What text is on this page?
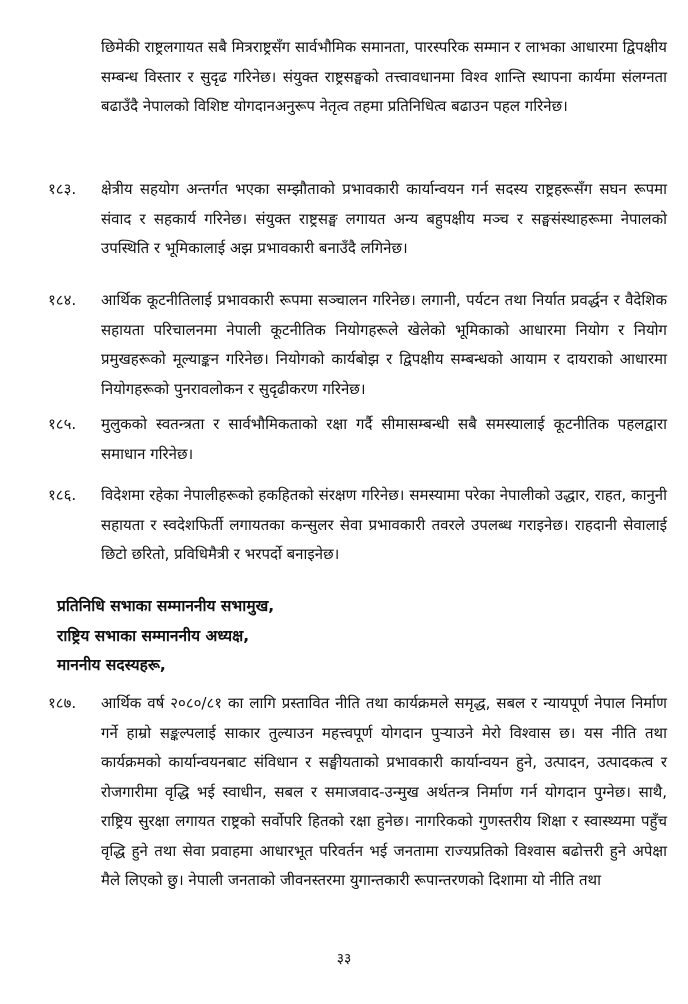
छिमेकी राष्ट्रलगायत सबै मित्रराष्ट्रसँग सार्वभौमिक समानता, पारस्परिक सम्मान र लाभका आधारमा द्विपक्षीय सम्बन्ध विस्तार र सुदृढ गरिनेछ। संयुक्त राष्ट्रसङ्घको तत्त्वावधानमा विश्व शान्ति स्थापना कार्यमा संलग्नता बढाउँदै नेपालको विशिष्ट योगदानअनुरूप नेतृत्व तहमा प्रतिनिधित्व बढाउन पहल गरिनेछ।
१८३. क्षेत्रीय सहयोग अन्तर्गत भएका सम्झौताको प्रभावकारी कार्यान्वयन गर्न सदस्य राष्ट्रहरूसँग सघन रूपमा संवाद र सहकार्य गरिनेछ। संयुक्त राष्ट्रसङ्घ लगायत अन्य बहुपक्षीय मञ्च र सङ्घसंस्थाहरूमा नेपालको उपस्थिति र भूमिकालाई अझ प्रभावकारी बनाउँदै लगिनेछ।
१८४. आर्थिक कूटनीतिलाई प्रभावकारी रूपमा सञ्चालन गरिनेछ। लगानी, पर्यटन तथा निर्यात प्रवर्द्धन र वैदेशिक सहायता परिचालनमा नेपाली कूटनीतिक नियोगहरूले खेलेको भूमिकाको आधारमा नियोग र नियोग प्रमुखहरूको मूल्याङ्कन गरिनेछ। नियोगको कार्यबोझ र द्विपक्षीय सम्बन्धको आयाम र दायराको आधारमा नियोगहरूको पुनरावलोकन र सुदृढीकरण गरिनेछ।
१८५. मुलुकको स्वतन्त्रता र सार्वभौमिकताको रक्षा गर्दै सीमासम्बन्धी सबै समस्यालाई कूटनीतिक पहलद्वारा समाधान गरिनेछ।
१८६. विदेशमा रहेका नेपालीहरूको हकहितको संरक्षण गरिनेछ। समस्यामा परेका नेपालीको उद्धार, राहत, कानुनी सहायता र स्वदेशफिर्ती लगायतका कन्सुलर सेवा प्रभावकारी तवरले उपलब्ध गराइनेछ। राहदानी सेवालाई छिटो छरितो, प्रविधिमैत्री र भरपर्दो बनाइनेछ।
प्रतिनिधि सभाका सम्माननीय सभामुख,
राष्ट्रिय सभाका सम्माननीय अध्यक्ष,
माननीय सदस्यहरू,
१८७. आर्थिक वर्ष २०८०/८१ का लागि प्रस्तावित नीति तथा कार्यक्रमले समृद्ध, सबल र न्यायपूर्ण नेपाल निर्माण गर्ने हाम्रो सङ्कल्पलाई साकार तुल्याउन महत्त्वपूर्ण योगदान पुऱ्याउने मेरो विश्वास छ। यस नीति तथा कार्यक्रमको कार्यान्वयनबाट संविधान र सङ्घीयताको प्रभावकारी कार्यान्वयन हुने, उत्पादन, उत्पादकत्व र रोजगारीमा वृद्धि भई स्वाधीन, सबल र समाजवाद-उन्मुख अर्थतन्त्र निर्माण गर्न योगदान पुग्नेछ। साथै, राष्ट्रिय सुरक्षा लगायत राष्ट्रको सर्वोपरि हितको रक्षा हुनेछ। नागरिकको गुणस्तरीय शिक्षा र स्वास्थ्यमा पहुँच वृद्धि हुने तथा सेवा प्रवाहमा आधारभूत परिवर्तन भई जनतामा राज्यप्रतिको विश्वास बढोत्तरी हुने अपेक्षा मैले लिएको छु। नेपाली जनताको जीवनस्तरमा युगान्तकारी रूपान्तरणको दिशामा यो नीति तथा
३३
